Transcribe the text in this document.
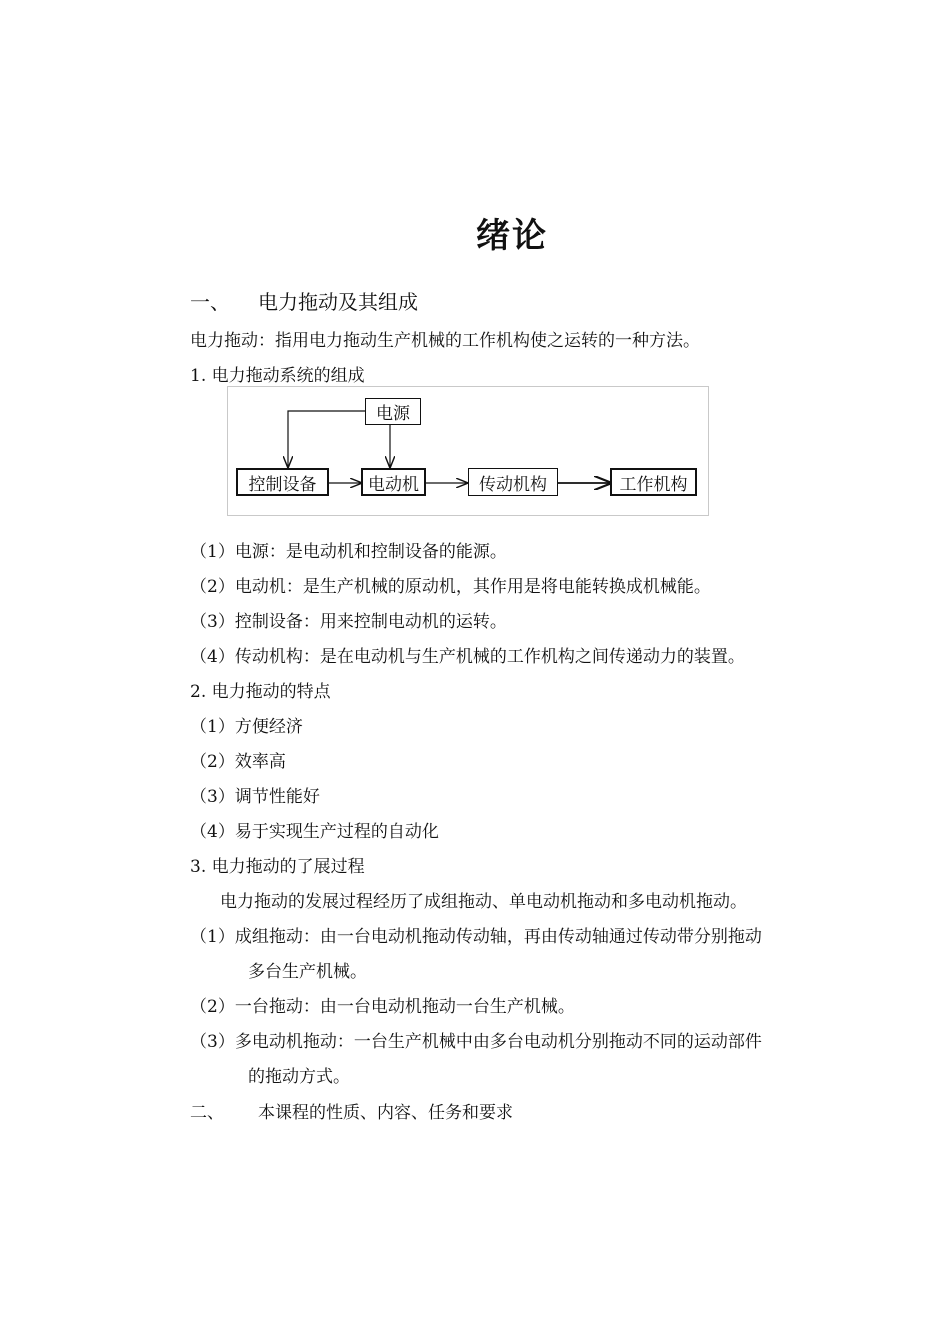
绪论
一、 电力拖动及其组成
电力拖动：指用电力拖动生产机械的工作机构使之运转的一种方法。
1. 电力拖动系统的组成
电源
控制设备	电动机	传动机构	工作机构
（1）电源：是电动机和控制设备的能源。
（2）电动机：是生产机械的原动机，其作用是将电能转换成机械能。
（3）控制设备：用来控制电动机的运转。
（4）传动机构：是在电动机与生产机械的工作机构之间传递动力的装置。
2. 电力拖动的特点
（1）方便经济
（2）效率高
（3）调节性能好
（4）易于实现生产过程的自动化
3. 电力拖动的了展过程
电力拖动的发展过程经历了成组拖动、单电动机拖动和多电动机拖动。
（1）成组拖动：由一台电动机拖动传动轴，再由传动轴通过传动带分别拖动
多台生产机械。
（2）一台拖动：由一台电动机拖动一台生产机械。
（3）多电动机拖动：一台生产机械中由多台电动机分别拖动不同的运动部件
的拖动方式。
二、 本课程的性质、内容、任务和要求
